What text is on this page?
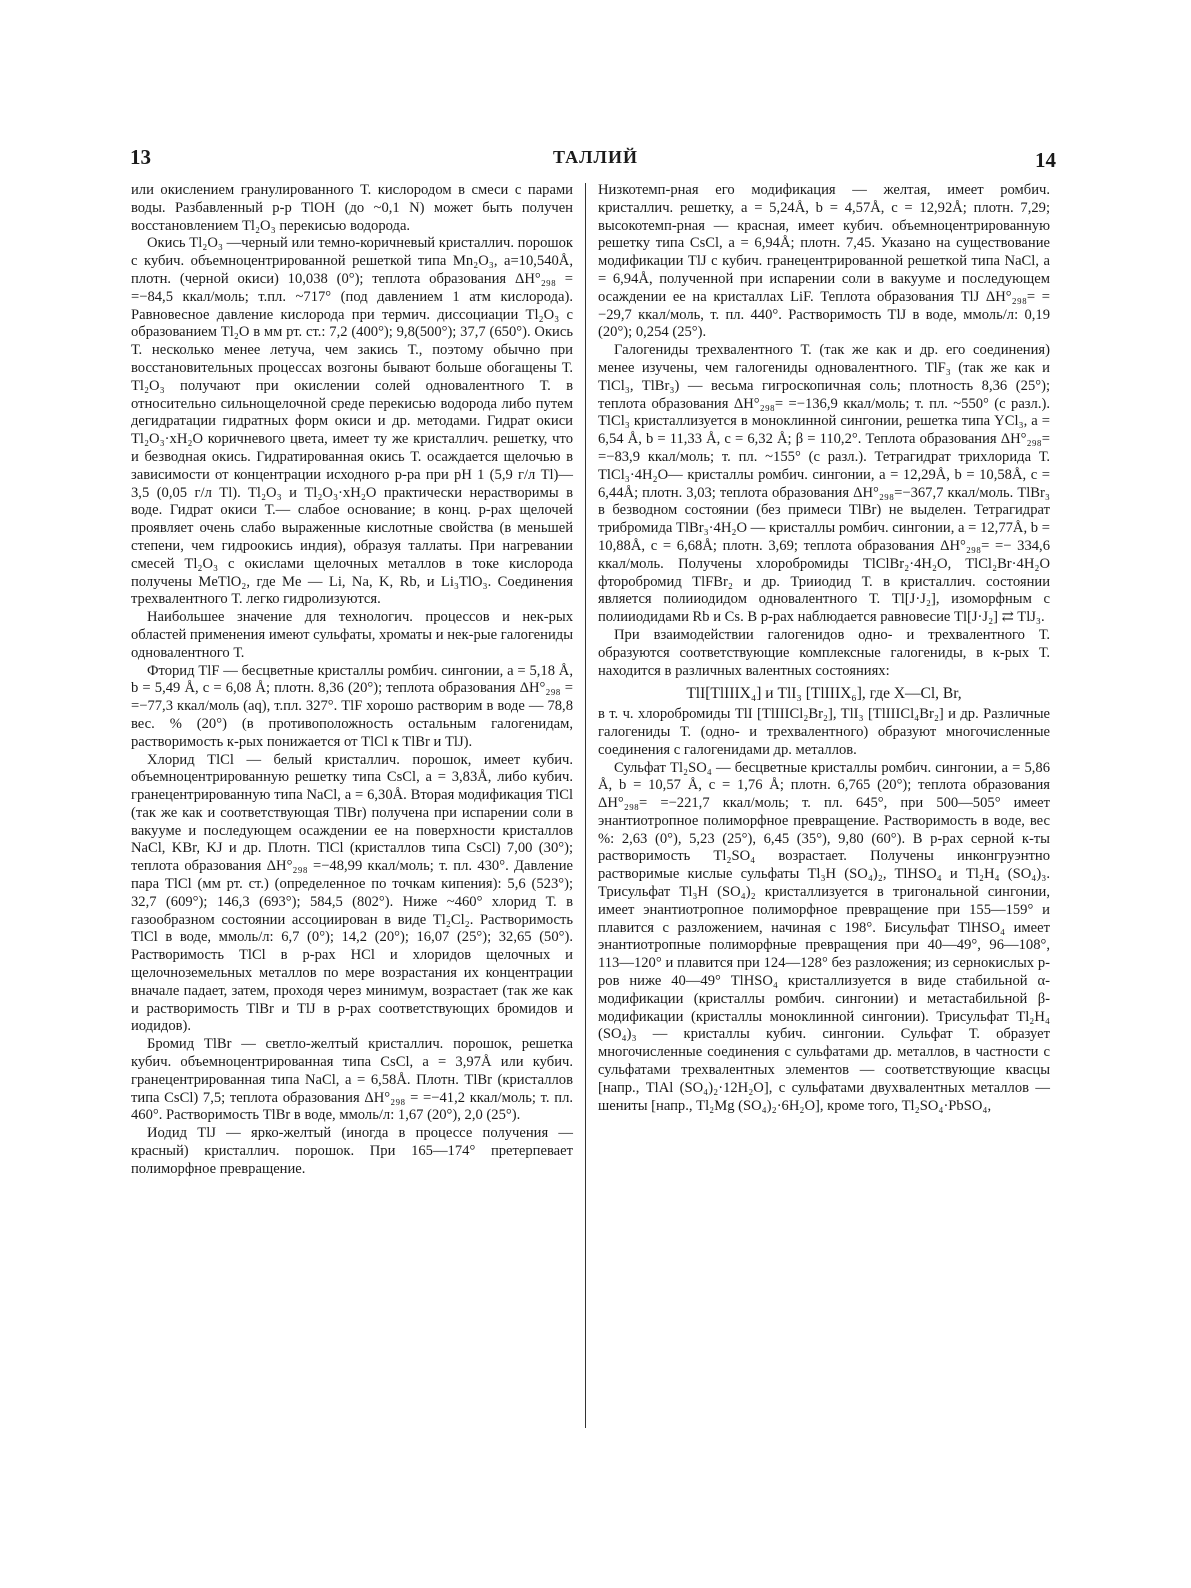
13	ТАЛЛИЙ	14

или окислением гранулированного Т. кислородом в смеси с парами воды. Разбавленный р-р TlOH (до ~0,1 N) может быть получен восстановлением Tl₂O₃ перекисью водорода.

Окись Tl₂O₃ —черный или темно-коричневый кристаллич. порошок с кубич. объемноцентрированной решеткой типа Mn₂O₃, a=10,540Å, плотн. (черной окиси) 10,038 (0°); теплота образования ΔH°₂₉₈ = =−84,5 ккал/моль; т.пл. ~717° (под давлением 1 атм кислорода). Равновесное давление кислорода при термич. диссоциации Tl₂O₃ с образованием Tl₂O в мм рт. ст.: 7,2 (400°); 9,8(500°); 37,7 (650°). Окись Т. несколько менее летуча, чем закись Т., поэтому обычно при восстановительных процессах возгоны бывают больше обогащены Т. Tl₂O₃ получают при окислении солей одновалентного Т. в относительно сильнощелочной среде перекисью водорода либо путем дегидратации гидратных форм окиси и др. методами. Гидрат окиси Tl₂O₃·xH₂O коричневого цвета, имеет ту же кристаллич. решетку, что и безводная окись. Гидратированная окись Т. осаждается щелочью в зависимости от концентрации исходного р-ра при pH 1 (5,9 г/л Tl)—3,5 (0,05 г/л Tl). Tl₂O₃ и Tl₂O₃·xH₂O практически нерастворимы в воде. Гидрат окиси Т.— слабое основание; в конц. р-рах щелочей проявляет очень слабо выраженные кислотные свойства (в меньшей степени, чем гидроокись индия), образуя таллаты. При нагревании смесей Tl₂O₃ с окислами щелочных металлов в токе кислорода получены MeTlO₂, где Me — Li, Na, K, Rb, и Li₃TlO₃. Соединения трехвалентного Т. легко гидролизуются.

Наибольшее значение для технологич. процессов и нек-рых областей применения имеют сульфаты, хроматы и нек-рые галогениды одновалентного Т.

Фторид TlF — бесцветные кристаллы ромбич. сингонии, a = 5,18 Å, b = 5,49 Å, c = 6,08 Å; плотн. 8,36 (20°); теплота образования ΔH°₂₉₈ = =−77,3 ккал/моль (aq), т.пл. 327°. TlF хорошо растворим в воде — 78,8 вес. % (20°) (в противоположность остальным галогенидам, растворимость к-рых понижается от TlCl к TlBr и TlJ).

Хлорид TlCl — белый кристаллич. порошок, имеет кубич. объемноцентрированную решетку типа CsCl, a = 3,83Å, либо кубич. гранецентрированную типа NaCl, a = 6,30Å. Вторая модификация TlCl (так же как и соответствующая TlBr) получена при испарении соли в вакууме и последующем осаждении ее на поверхности кристаллов NaCl, KBr, KJ и др. Плотн. TlCl (кристаллов типа CsCl) 7,00 (30°); теплота образования ΔH°₂₉₈ =−48,99 ккал/моль; т. пл. 430°. Давление пара TlCl (мм рт. ст.) (определенное по точкам кипения): 5,6 (523°); 32,7 (609°); 146,3 (693°); 584,5 (802°). Ниже ~460° хлорид Т. в газообразном состоянии ассоциирован в виде Tl₂Cl₂. Растворимость TlCl в воде, ммоль/л: 6,7 (0°); 14,2 (20°); 16,07 (25°); 32,65 (50°). Растворимость TlCl в р-рах HCl и хлоридов щелочных и щелочноземельных металлов по мере возрастания их концентрации вначале падает, затем, проходя через минимум, возрастает (так же как и растворимость TlBr и TlJ в р-рах соответствующих бромидов и иодидов).

Бромид TlBr — светло-желтый кристаллич. порошок, решетка кубич. объемноцентрированная типа CsCl, a = 3,97Å или кубич. гранецентрированная типа NaCl, a = 6,58Å. Плотн. TlBr (кристаллов типа CsCl) 7,5; теплота образования ΔH°₂₉₈ = =−41,2 ккал/моль; т. пл. 460°. Растворимость TlBr в воде, ммоль/л: 1,67 (20°), 2,0 (25°).

Иодид TlJ — ярко-желтый (иногда в процессе получения — красный) кристаллич. порошок. При 165—174° претерпевает полиморфное превращение.

Низкотемп-рная его модификация — желтая, имеет ромбич. кристаллич. решетку, a = 5,24Å, b = 4,57Å, c = 12,92Å; плотн. 7,29; высокотемп-рная — красная, имеет кубич. объемноцентрированную решетку типа CsCl, a = 6,94Å; плотн. 7,45. Указано на существование модификации TlJ с кубич. гранецентрированной решеткой типа NaCl, a = 6,94Å, полученной при испарении соли в вакууме и последующем осаждении ее на кристаллах LiF. Теплота образования TlJ ΔH°₂₉₈= = −29,7 ккал/моль, т. пл. 440°. Растворимость TlJ в воде, ммоль/л: 0,19 (20°); 0,254 (25°).

Галогениды трехвалентного Т. (так же как и др. его соединения) менее изучены, чем галогениды одновалентного. TlF₃ (так же как и TlCl₃, TlBr₃) — весьма гигроскопичная соль; плотность 8,36 (25°); теплота образования ΔH°₂₉₈= =−136,9 ккал/моль; т. пл. ~550° (с разл.). TlCl₃ кристаллизуется в моноклинной сингонии, решетка типа YCl₃, a = 6,54 Å, b = 11,33 Å, c = 6,32 Å; β = 110,2°. Теплота образования ΔH°₂₉₈= =−83,9 ккал/моль; т. пл. ~155° (с разл.). Тетрагидрат трихлорида Т. TlCl₃·4H₂O— кристаллы ромбич. сингонии, a = 12,29Å, b = 10,58Å, c = 6,44Å; плотн. 3,03; теплота образования ΔH°₂₉₈=−367,7 ккал/моль. TlBr₃ в безводном состоянии (без примеси TlBr) не выделен. Тетрагидрат трибромида TlBr₃·4H₂O — кристаллы ромбич. сингонии, a = 12,77Å, b = 10,88Å, c = 6,68Å; плотн. 3,69; теплота образования ΔH°₂₉₈= =− 334,6 ккал/моль. Получены хлоробромиды TlClBr₂·4H₂O, TlCl₂Br·4H₂O фторобромид TlFBr₂ и др. Трииодид Т. в кристаллич. состоянии является полииодидом одновалентного Т. Tl[J·J₂], изоморфным с полииодидами Rb и Cs. В р-рах наблюдается равновесие Tl[J·J₂] ⇄ TlJ₃.

При взаимодействии галогенидов одно- и трехвалентного Т. образуются соответствующие комплексные галогениды, в к-рых Т. находится в различных валентных состояниях:

TlI[TlIIIX₄] и TlI₃ [TlIIIX₆], где X—Cl, Br,

в т. ч. хлоробромиды TlI [TlIIICl₂Br₂], TlI₃ [TlIIICl₄Br₂] и др. Различные галогениды Т. (одно- и трехвалентного) образуют многочисленные соединения с галогенидами др. металлов.

Сульфат Tl₂SO₄ — бесцветные кристаллы ромбич. сингонии, a = 5,86 Å, b = 10,57 Å, c = 1,76 Å; плотн. 6,765 (20°); теплота образования ΔH°₂₉₈= =−221,7 ккал/моль; т. пл. 645°, при 500—505° имеет энантиотропное полиморфное превращение. Растворимость в воде, вес %: 2,63 (0°), 5,23 (25°), 6,45 (35°), 9,80 (60°). В р-рах серной к-ты растворимость Tl₂SO₄ возрастает. Получены инконгруэнтно растворимые кислые сульфаты Tl₃H (SO₄)₂, TlHSO₄ и Tl₂H₄ (SO₄)₃. Трисульфат Tl₃H (SO₄)₂ кристаллизуется в тригональной сингонии, имеет энантиотропное полиморфное превращение при 155—159° и плавится с разложением, начиная с 198°. Бисульфат TlHSO₄ имеет энантиотропные полиморфные превращения при 40—49°, 96—108°, 113—120° и плавится при 124—128° без разложения; из сернокислых р-ров ниже 40—49° TlHSO₄ кристаллизуется в виде стабильной α-модификации (кристаллы ромбич. сингонии) и метастабильной β-модификации (кристаллы моноклинной сингонии). Трисульфат Tl₂H₄ (SO₄)₃ — кристаллы кубич. сингонии. Сульфат Т. образует многочисленные соединения с сульфатами др. металлов, в частности с сульфатами трехвалентных элементов — соответствующие квасцы [напр., TlAl (SO₄)₂·12H₂O], с сульфатами двухвалентных металлов — шениты [напр., Tl₂Mg (SO₄)₂·6H₂O], кроме того, Tl₂SO₄·PbSO₄,
